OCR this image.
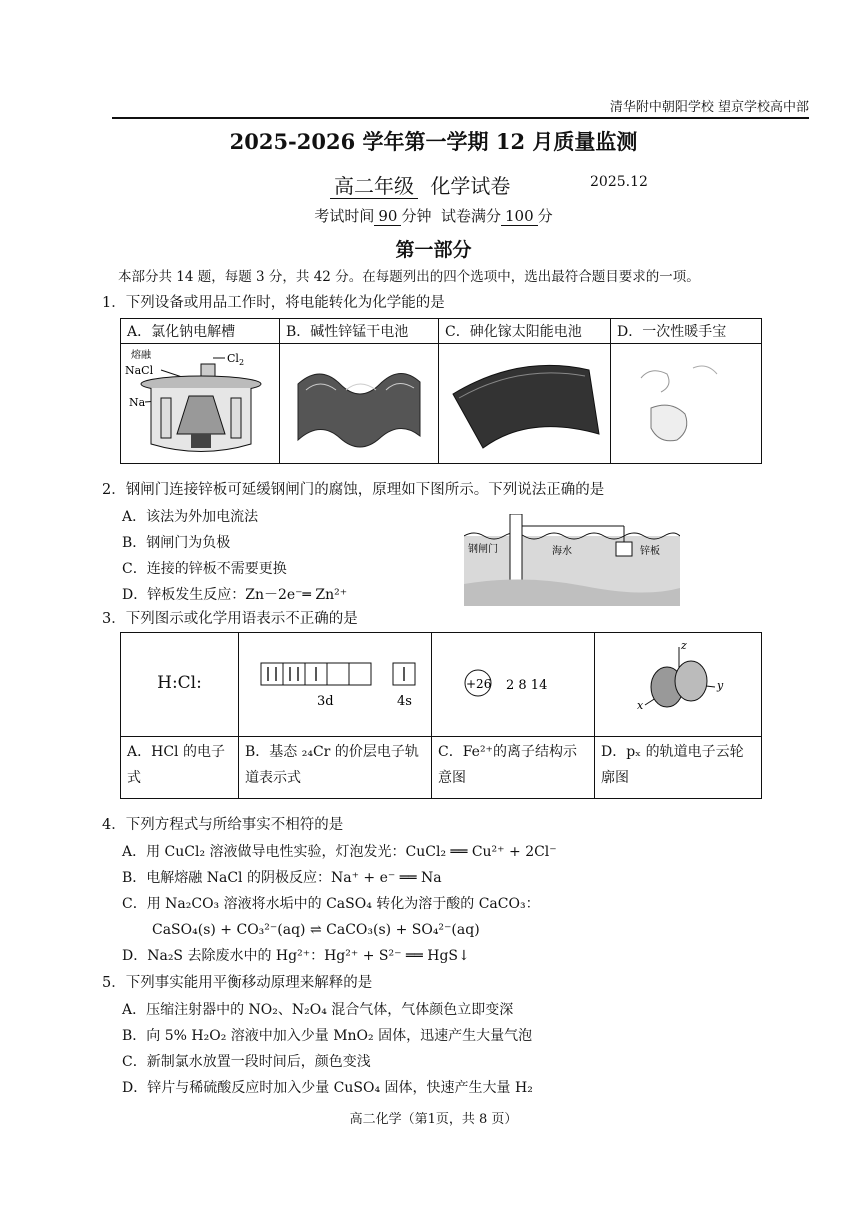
清华附中朝阳学校 望京学校高中部
2025-2026 学年第一学期 12 月质量监测
高二年级 化学试卷	2025.12
考试时间 90 分钟 试卷满分 100 分
第一部分
本部分共 14 题，每题 3 分，共 42 分。在每题列出的四个选项中，选出最符合题目要求的一项。
1．下列设备或用品工作时，将电能转化为化学能的是
A．氯化钠电解槽	B．碱性锌锰干电池	C．砷化镓太阳能电池	D．一次性暖手宝

熔融
NaCl
$Cl_2$
Na

2．钢闸门连接锌板可延缓钢闸门的腐蚀，原理如下图所示。下列说法正确的是
A．该法为外加电流法
B．钢闸门为负极
C．连接的锌板不需要更换
D．锌板发生反应：Zn－2e⁻═ Zn²⁺
钢闸门	海水	锌板
3．下列图示或化学用语表示不正确的是
H:Cl:	3d 4s	+26 2 8 14	z
y
x

A．HCl 的电子式	B．基态 ₂₄Cr 的价层电子轨道表示式	C．Fe²⁺的离子结构示意图	D．pₓ 的轨道电子云轮廓图
4．下列方程式与所给事实不相符的是
A．用 CuCl₂ 溶液做导电性实验，灯泡发光：CuCl₂ ══ Cu²⁺ + 2Cl⁻
B．电解熔融 NaCl 的阴极反应：Na⁺ + e⁻ ══ Na
C．用 Na₂CO₃ 溶液将水垢中的 CaSO₄ 转化为溶于酸的 CaCO₃：
CaSO₄(s) + CO₃²⁻(aq) ⇌ CaCO₃(s) + SO₄²⁻(aq)
D．Na₂S 去除废水中的 Hg²⁺：Hg²⁺ + S²⁻ ══ HgS↓
5．下列事实能用平衡移动原理来解释的是
A．压缩注射器中的 NO₂、N₂O₄ 混合气体，气体颜色立即变深
B．向 5% H₂O₂ 溶液中加入少量 MnO₂ 固体，迅速产生大量气泡
C．新制氯水放置一段时间后，颜色变浅
D．锌片与稀硫酸反应时加入少量 CuSO₄ 固体，快速产生大量 H₂
高二化学（第1页，共 8 页）
